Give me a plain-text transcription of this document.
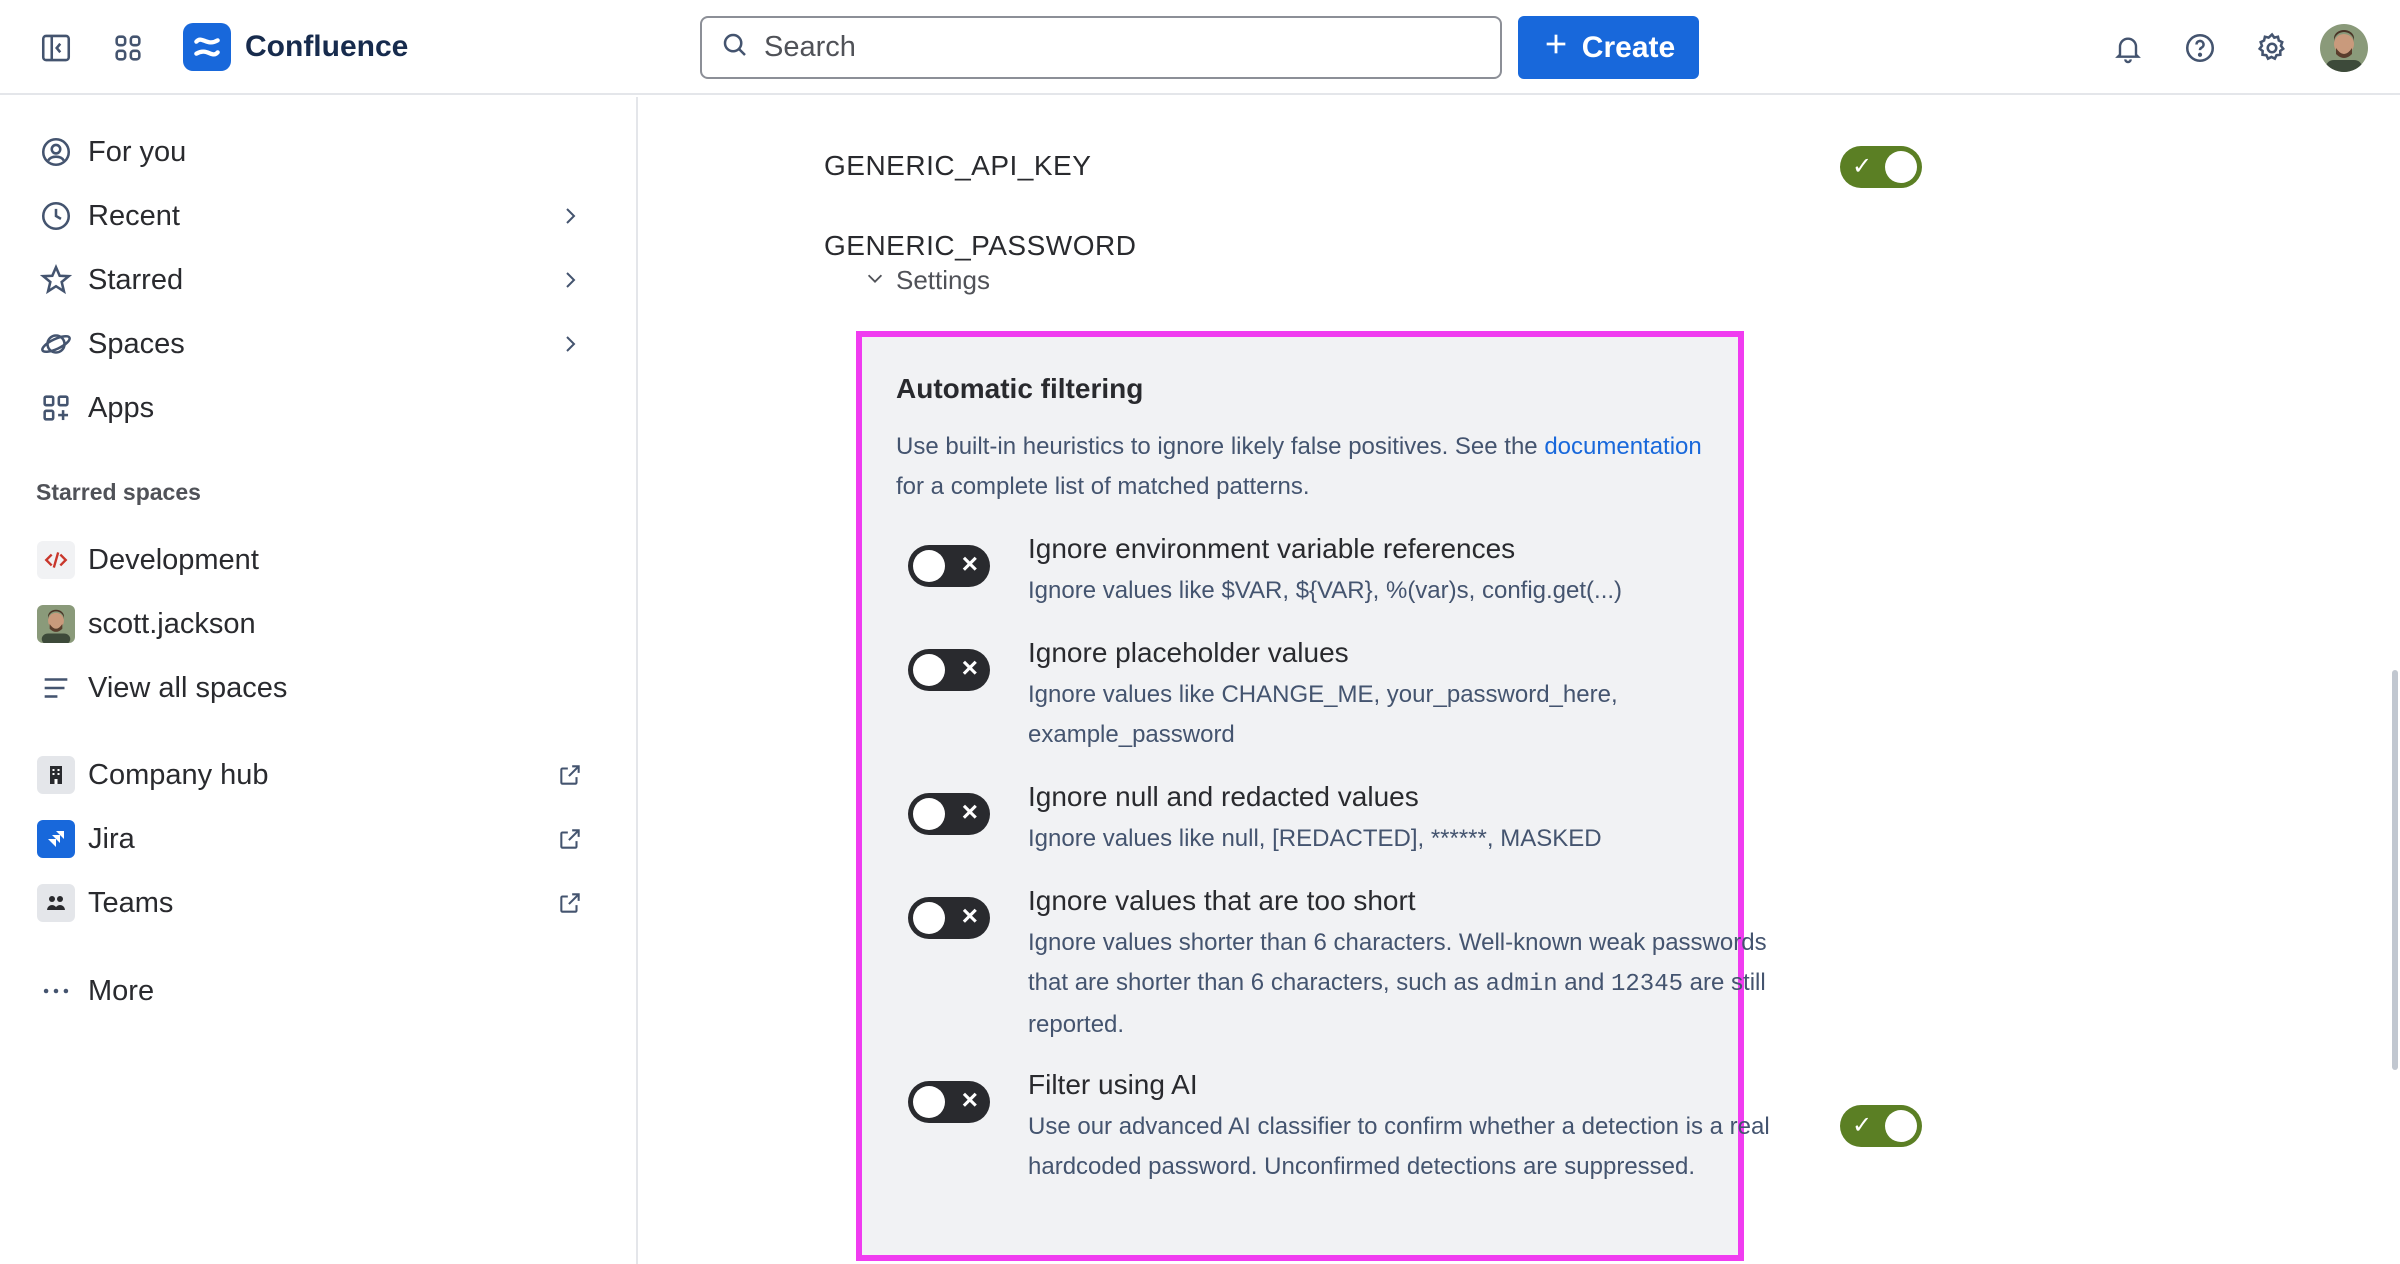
Confluence
Search	Create
For you
Recent
Starred
Spaces
Apps
Starred spaces
Development
scott.jackson
View all spaces
Company hub
Jira
Teams
More
GENERIC_API_KEY	✓
GENERIC_PASSWORD
Settings
✓
Automatic filtering
Use built-in heuristics to ignore likely false positives. See the documentation for a complete list of matched patterns.
× Ignore environment variable references
Ignore values like $VAR, ${VAR}, %(var)s, config.get(...)
× Ignore placeholder values
Ignore values like CHANGE_ME, your_password_here, example_password
× Ignore null and redacted values
Ignore values like null, [REDACTED], ******, MASKED
× Ignore values that are too short
Ignore values shorter than 6 characters. Well-known weak passwords that are shorter than 6 characters, such as admin and 12345 are still reported.
× Filter using AI
Use our advanced AI classifier to confirm whether a detection is a real hardcoded password. Unconfirmed detections are suppressed.
